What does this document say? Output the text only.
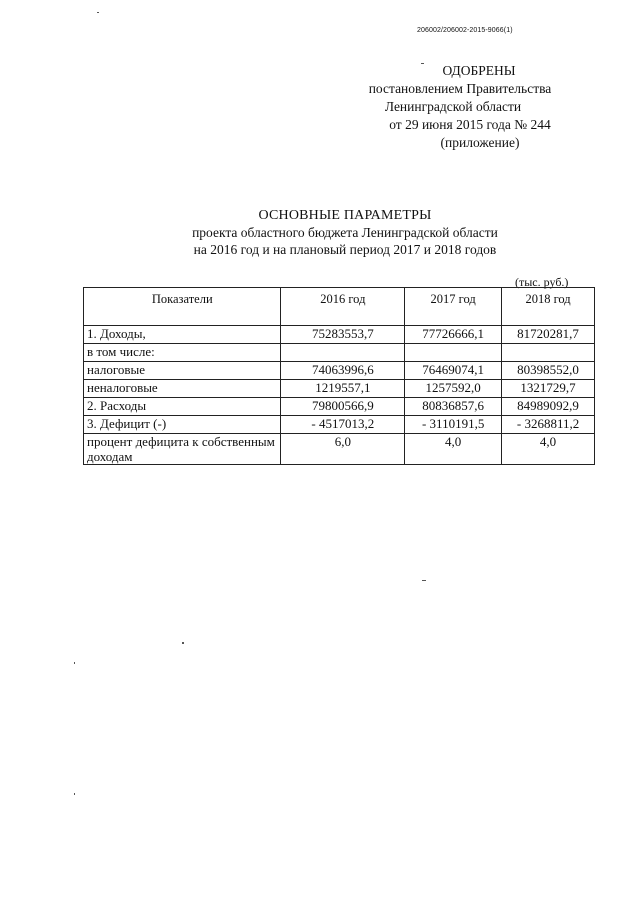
206002/206002-2015-9066(1)
ОДОБРЕНЫ
постановлением Правительства
Ленинградской области
от 29 июня 2015 года № 244
(приложение)
ОСНОВНЫЕ ПАРАМЕТРЫ
проекта областного бюджета Ленинградской области
на 2016 год и на плановый период 2017 и 2018 годов
(тыс. руб.)
Показатели	2016 год	2017 год	2018 год
1. Доходы,	75283553,7	77726666,1	81720281,7
в том числе:			
налоговые	74063996,6	76469074,1	80398552,0
неналоговые	1219557,1	1257592,0	1321729,7
2. Расходы	79800566,9	80836857,6	84989092,9
3. Дефицит (-)	- 4517013,2	- 3110191,5	- 3268811,2
процент дефицита к собственным доходам	6,0	4,0	4,0
